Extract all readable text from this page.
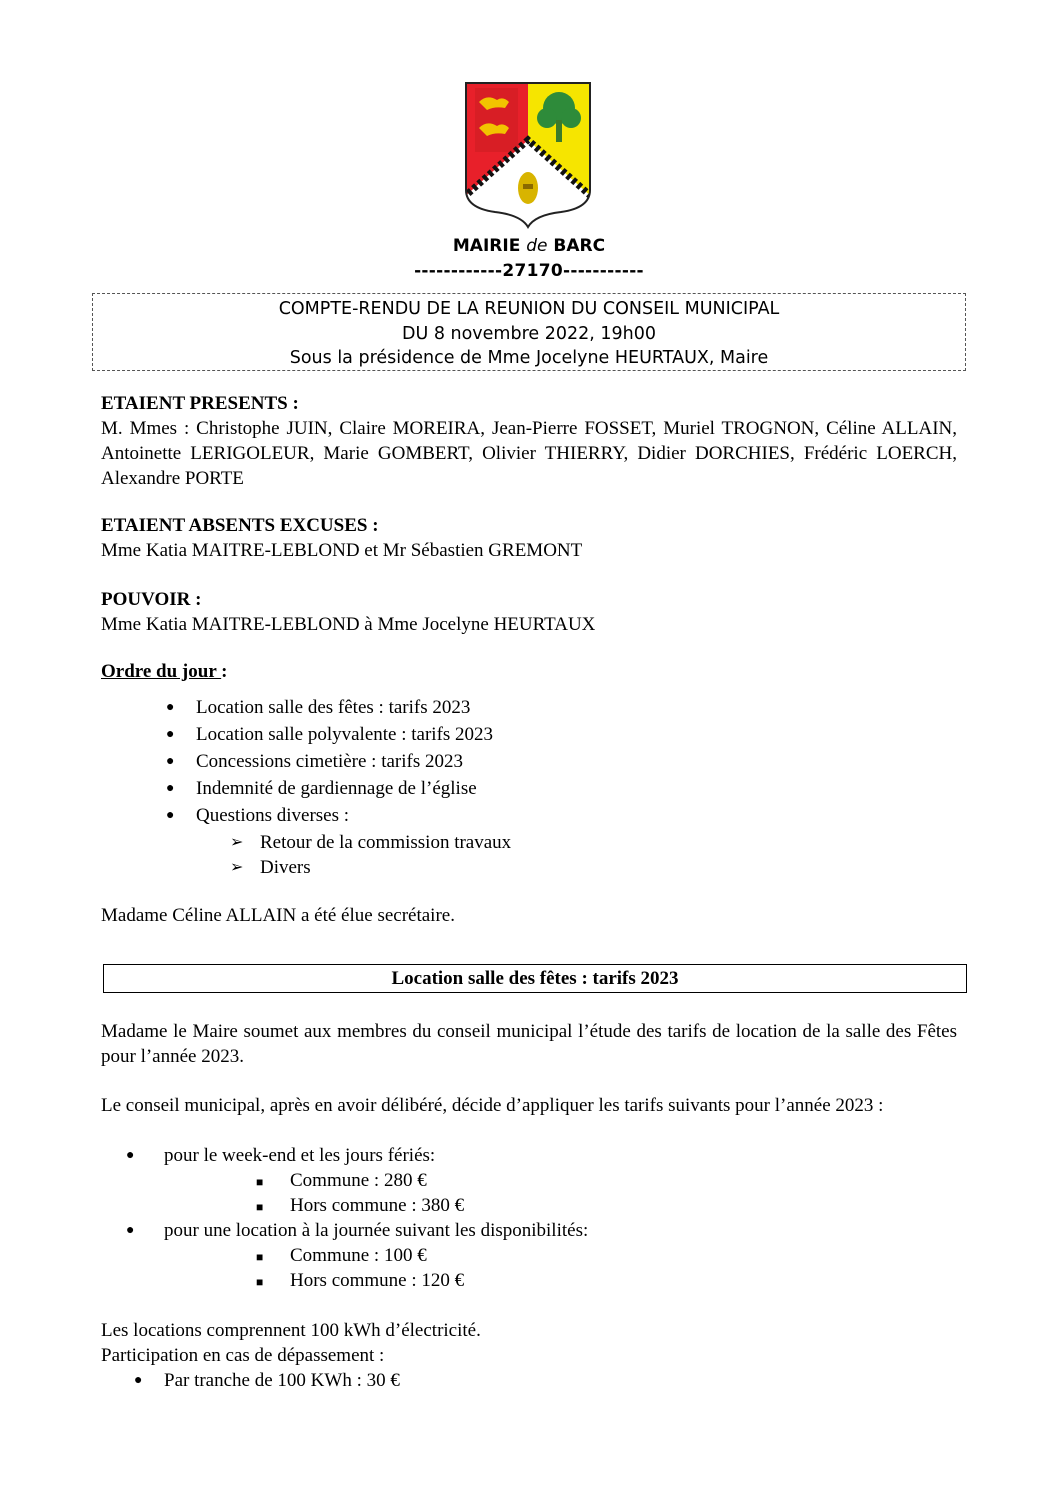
MAIRIE de BARC
------------27170-----------
COMPTE-RENDU DE LA REUNION DU CONSEIL MUNICIPAL
DU 8 novembre 2022, 19h00
Sous la présidence de Mme Jocelyne HEURTAUX, Maire
ETAIENT PRESENTS :
M. Mmes : Christophe JUIN, Claire MOREIRA, Jean-Pierre FOSSET, Muriel TROGNON, Céline ALLAIN, Antoinette LERIGOLEUR, Marie GOMBERT, Olivier THIERRY, Didier DORCHIES, Frédéric LOERCH, Alexandre PORTE
ETAIENT ABSENTS EXCUSES :
Mme Katia MAITRE-LEBLOND et Mr Sébastien GREMONT
POUVOIR :
Mme Katia MAITRE-LEBLOND à Mme Jocelyne HEURTAUX
Ordre du jour :
● Location salle des fêtes : tarifs 2023
● Location salle polyvalente : tarifs 2023
● Concessions cimetière : tarifs 2023
● Indemnité de gardiennage de l’église
● Questions diverses :
➢ Retour de la commission travaux
➢ Divers
Madame Céline ALLAIN a été élue secrétaire.
Location salle des fêtes : tarifs 2023
Madame le Maire soumet aux membres du conseil municipal l’étude des tarifs de location de la salle des Fêtes pour l’année 2023.
Le conseil municipal, après en avoir délibéré, décide d’appliquer les tarifs suivants pour l’année 2023 :
● pour le week-end et les jours fériés:
■ Commune : 280 €
■ Hors commune : 380 €
● pour une location à la journée suivant les disponibilités:
■ Commune : 100 €
■ Hors commune : 120 €
Les locations comprennent 100 kWh d’électricité.
Participation en cas de dépassement :
● Par tranche de 100 KWh : 30 €
